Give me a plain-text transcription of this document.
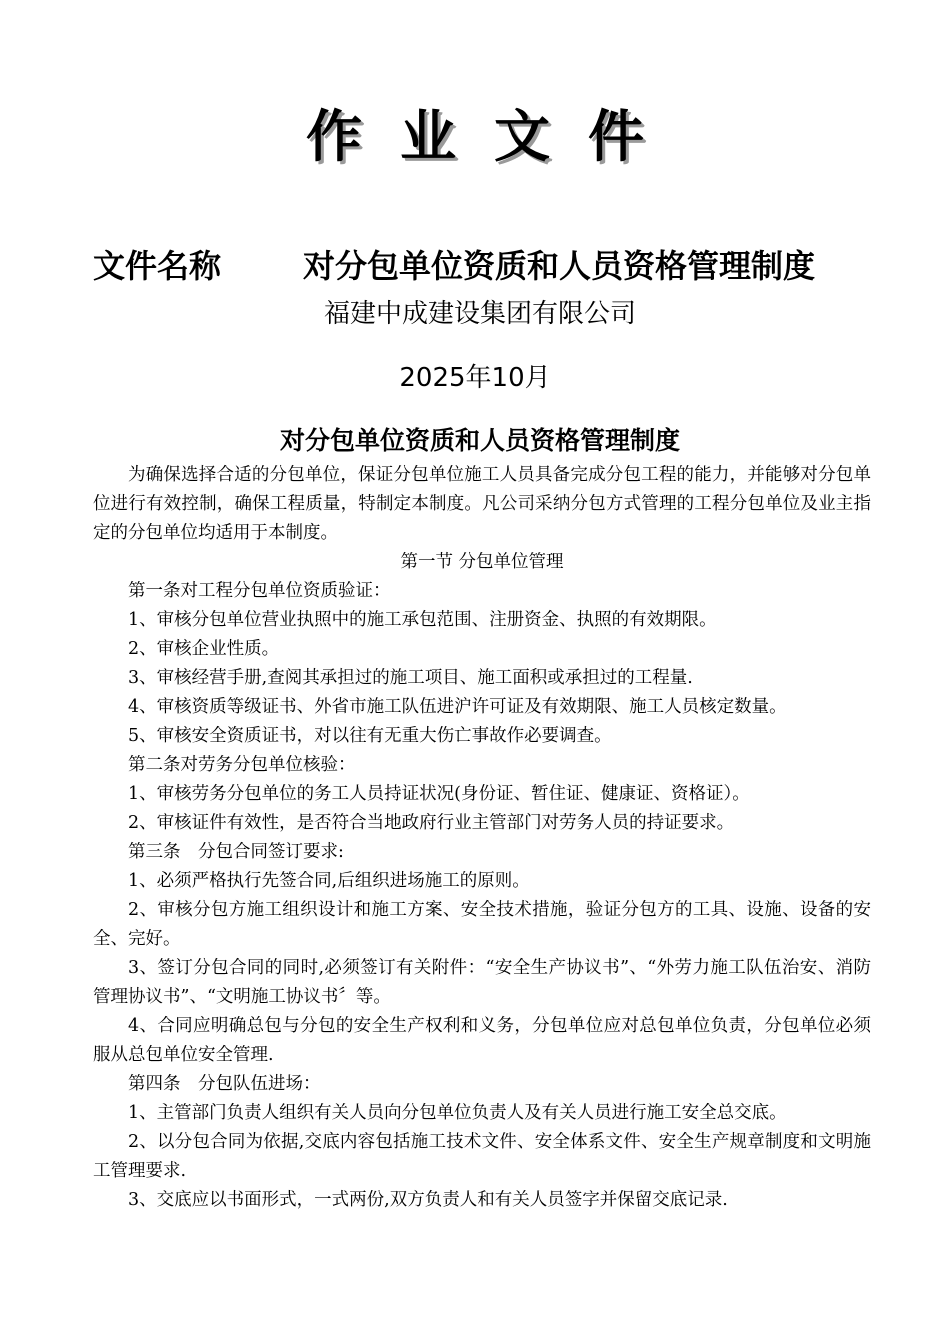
作业文件
文件名称	对分包单位资质和人员资格管理制度
福建中成建设集团有限公司
2025年10月
对分包单位资质和人员资格管理制度

为确保选择合适的分包单位，保证分包单位施工人员具备完成分包工程的能力，并能够对分包单位进行有效控制，确保工程质量，特制定本制度。凡公司采纳分包方式管理的工程分包单位及业主指定的分包单位均适用于本制度。

第一节 分包单位管理

第一条对工程分包单位资质验证：

1、审核分包单位营业执照中的施工承包范围、注册资金、执照的有效期限。

2、审核企业性质。

3、审核经营手册,查阅其承担过的施工项目、施工面积或承担过的工程量.

4、审核资质等级证书、外省市施工队伍进沪许可证及有效期限、施工人员核定数量。

5、审核安全资质证书，对以往有无重大伤亡事故作必要调查。

第二条对劳务分包单位核验：

1、审核劳务分包单位的务工人员持证状况(身份证、暂住证、健康证、资格证）。

2、审核证件有效性，是否符合当地政府行业主管部门对劳务人员的持证要求。

第三条　分包合同签订要求:

1、必须严格执行先签合同,后组织进场施工的原则。

2、审核分包方施工组织设计和施工方案、安全技术措施，验证分包方的工具、设施、设备的安全、完好。

3、签订分包合同的同时,必须签订有关附件：“安全生产协议书”、“外劳力施工队伍治安、消防管理协议书”、“文明施工协议书〞等。

4、合同应明确总包与分包的安全生产权利和义务，分包单位应对总包单位负责，分包单位必须服从总包单位安全管理.

第四条　分包队伍进场：

1、主管部门负责人组织有关人员向分包单位负责人及有关人员进行施工安全总交底。

2、以分包合同为依据,交底内容包括施工技术文件、安全体系文件、安全生产规章制度和文明施工管理要求.

3、交底应以书面形式，一式两份,双方负责人和有关人员签字并保留交底记录.
